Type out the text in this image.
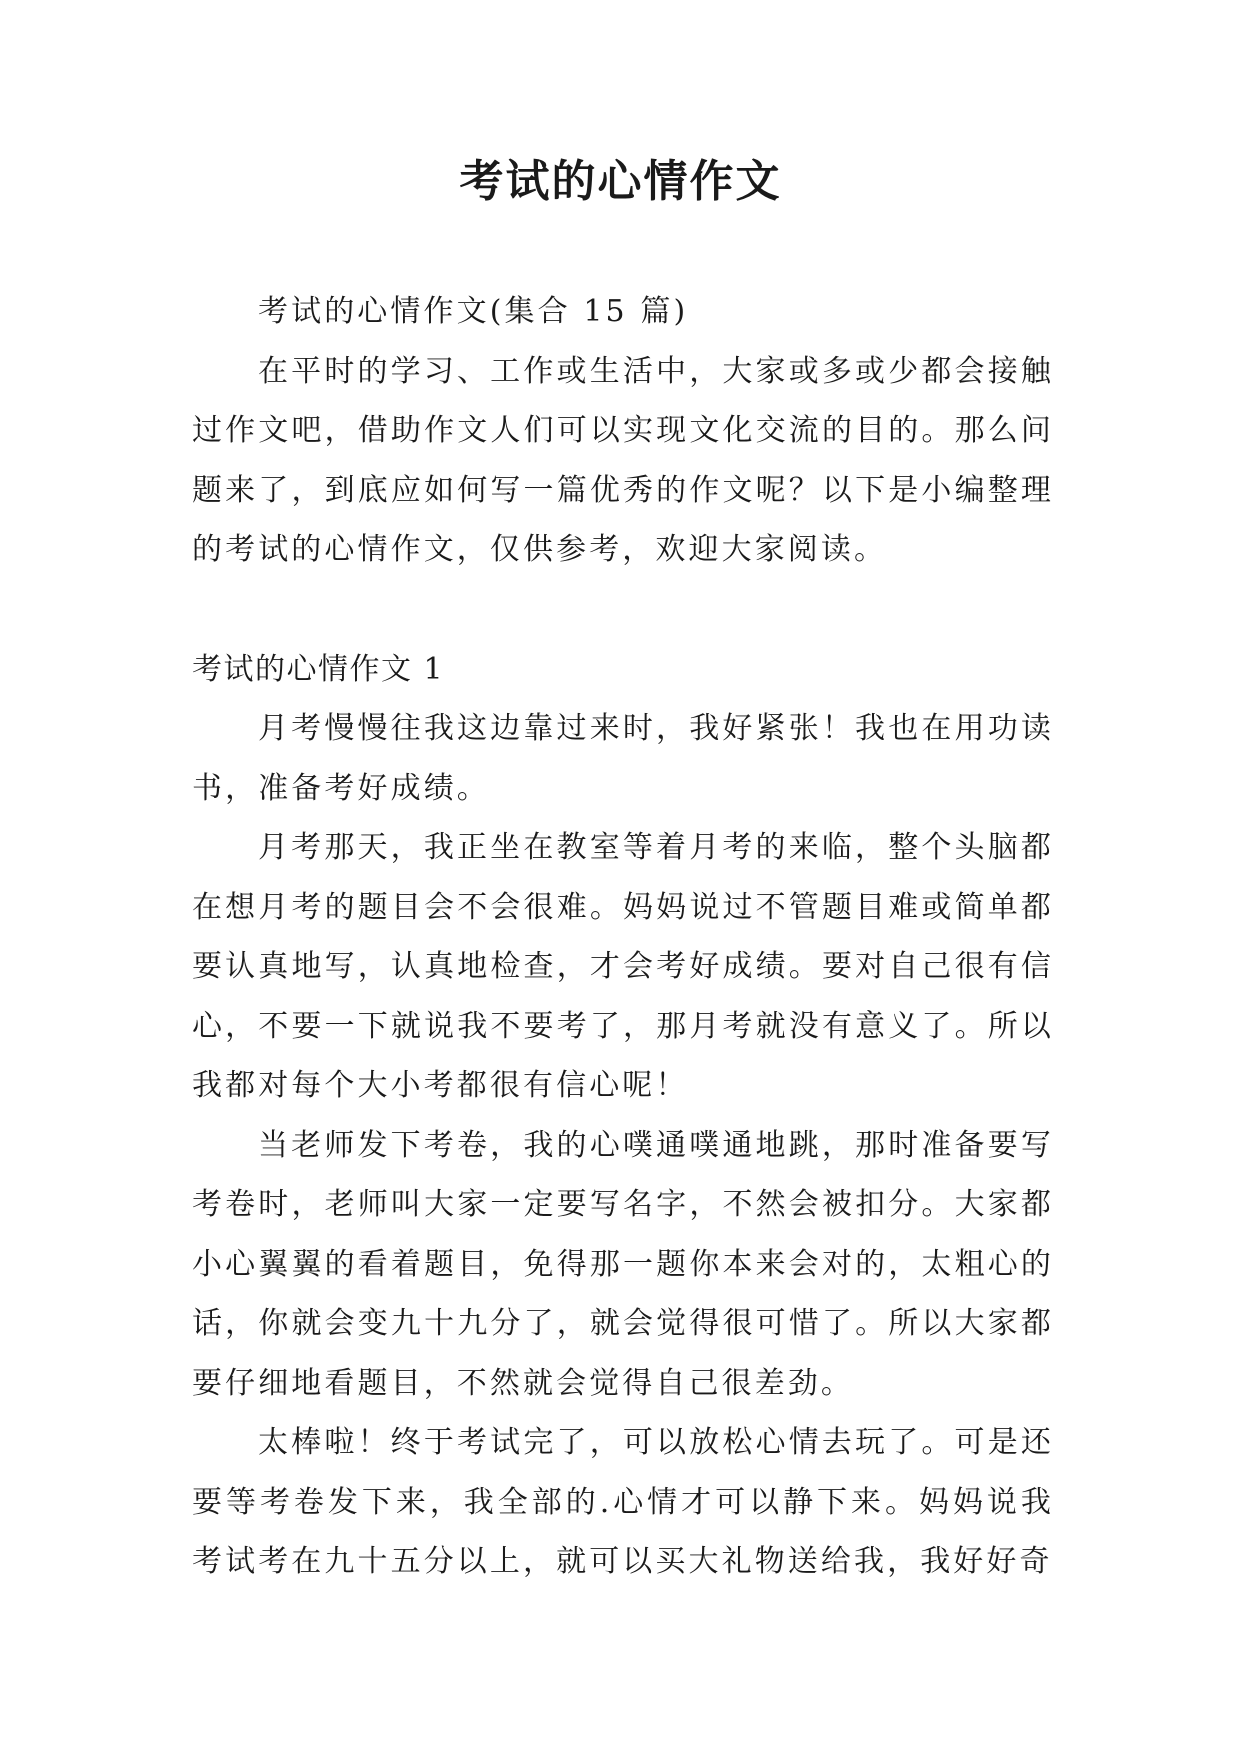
考试的心情作文

考试的心情作文(集合 15 篇)

在平时的学习、工作或生活中，大家或多或少都会接触过作文吧，借助作文人们可以实现文化交流的目的。那么问题来了，到底应如何写一篇优秀的作文呢？以下是小编整理的考试的心情作文，仅供参考，欢迎大家阅读。

考试的心情作文 1

月考慢慢往我这边靠过来时，我好紧张！我也在用功读书，准备考好成绩。

月考那天，我正坐在教室等着月考的来临，整个头脑都在想月考的题目会不会很难。妈妈说过不管题目难或简单都要认真地写，认真地检查，才会考好成绩。要对自己很有信心，不要一下就说我不要考了，那月考就没有意义了。所以我都对每个大小考都很有信心呢！

当老师发下考卷，我的心噗通噗通地跳，那时准备要写考卷时，老师叫大家一定要写名字，不然会被扣分。大家都小心翼翼的看着题目，免得那一题你本来会对的，太粗心的话，你就会变九十九分了，就会觉得很可惜了。所以大家都要仔细地看题目，不然就会觉得自己很差劲。

太棒啦！终于考试完了，可以放松心情去玩了。可是还要等考卷发下来，我全部的.心情才可以静下来。妈妈说我考试考在九十五分以上，就可以买大礼物送给我，我好好奇
